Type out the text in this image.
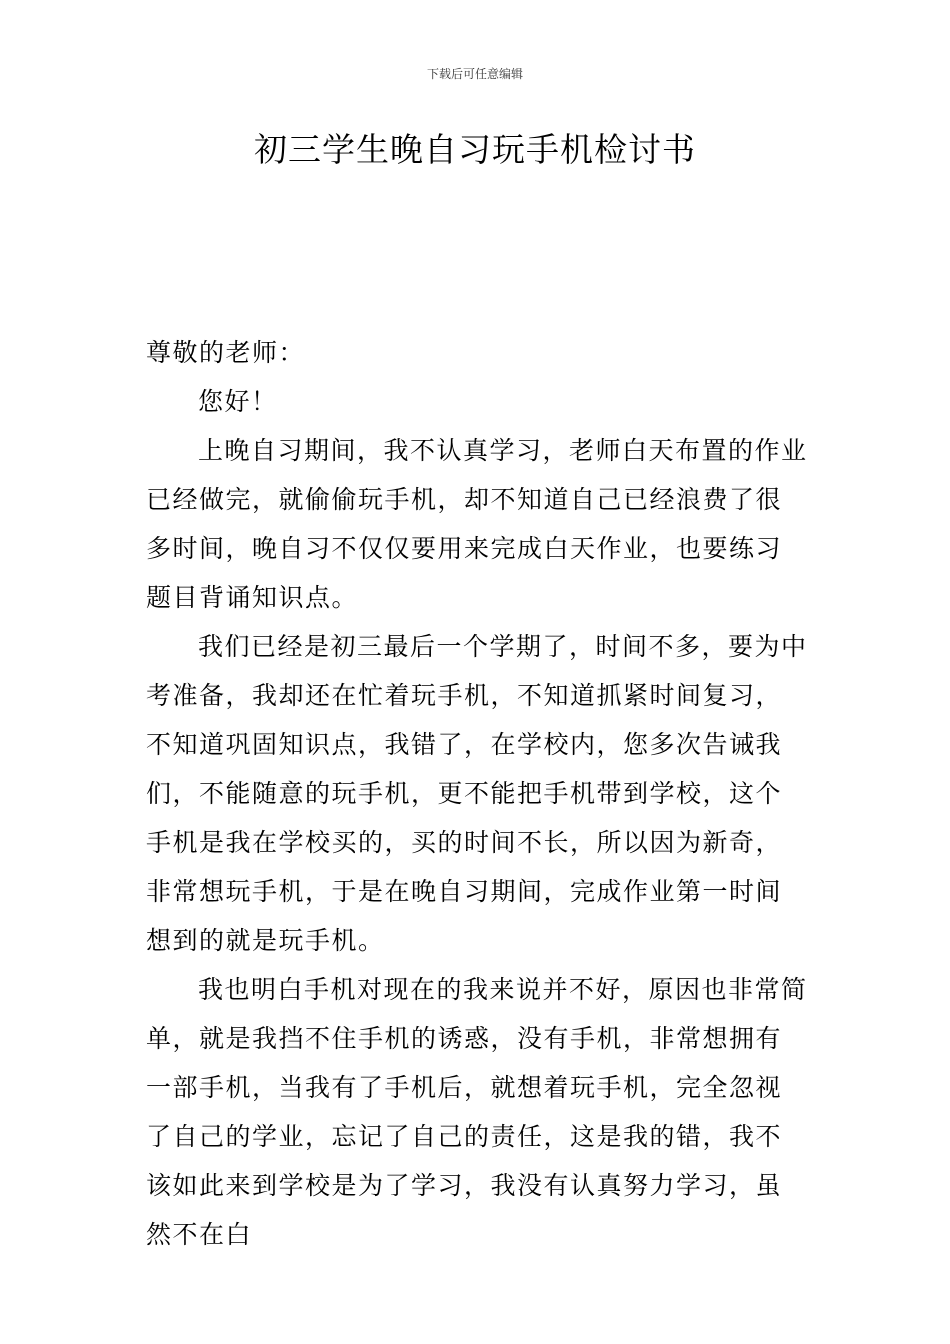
下载后可任意编辑
初三学生晚自习玩手机检讨书

尊敬的老师：

您好！

上晚自习期间，我不认真学习，老师白天布置的作业已经做完，就偷偷玩手机，却不知道自己已经浪费了很多时间，晚自习不仅仅要用来完成白天作业，也要练习题目背诵知识点。

我们已经是初三最后一个学期了，时间不多，要为中考准备，我却还在忙着玩手机，不知道抓紧时间复习，不知道巩固知识点，我错了，在学校内，您多次告诫我们，不能随意的玩手机，更不能把手机带到学校，这个手机是我在学校买的，买的时间不长，所以因为新奇，非常想玩手机，于是在晚自习期间，完成作业第一时间想到的就是玩手机。

我也明白手机对现在的我来说并不好，原因也非常简单，就是我挡不住手机的诱惑，没有手机，非常想拥有一部手机，当我有了手机后，就想着玩手机，完全忽视了自己的学业，忘记了自己的责任，这是我的错，我不该如此来到学校是为了学习，我没有认真努力学习，虽然不在白
